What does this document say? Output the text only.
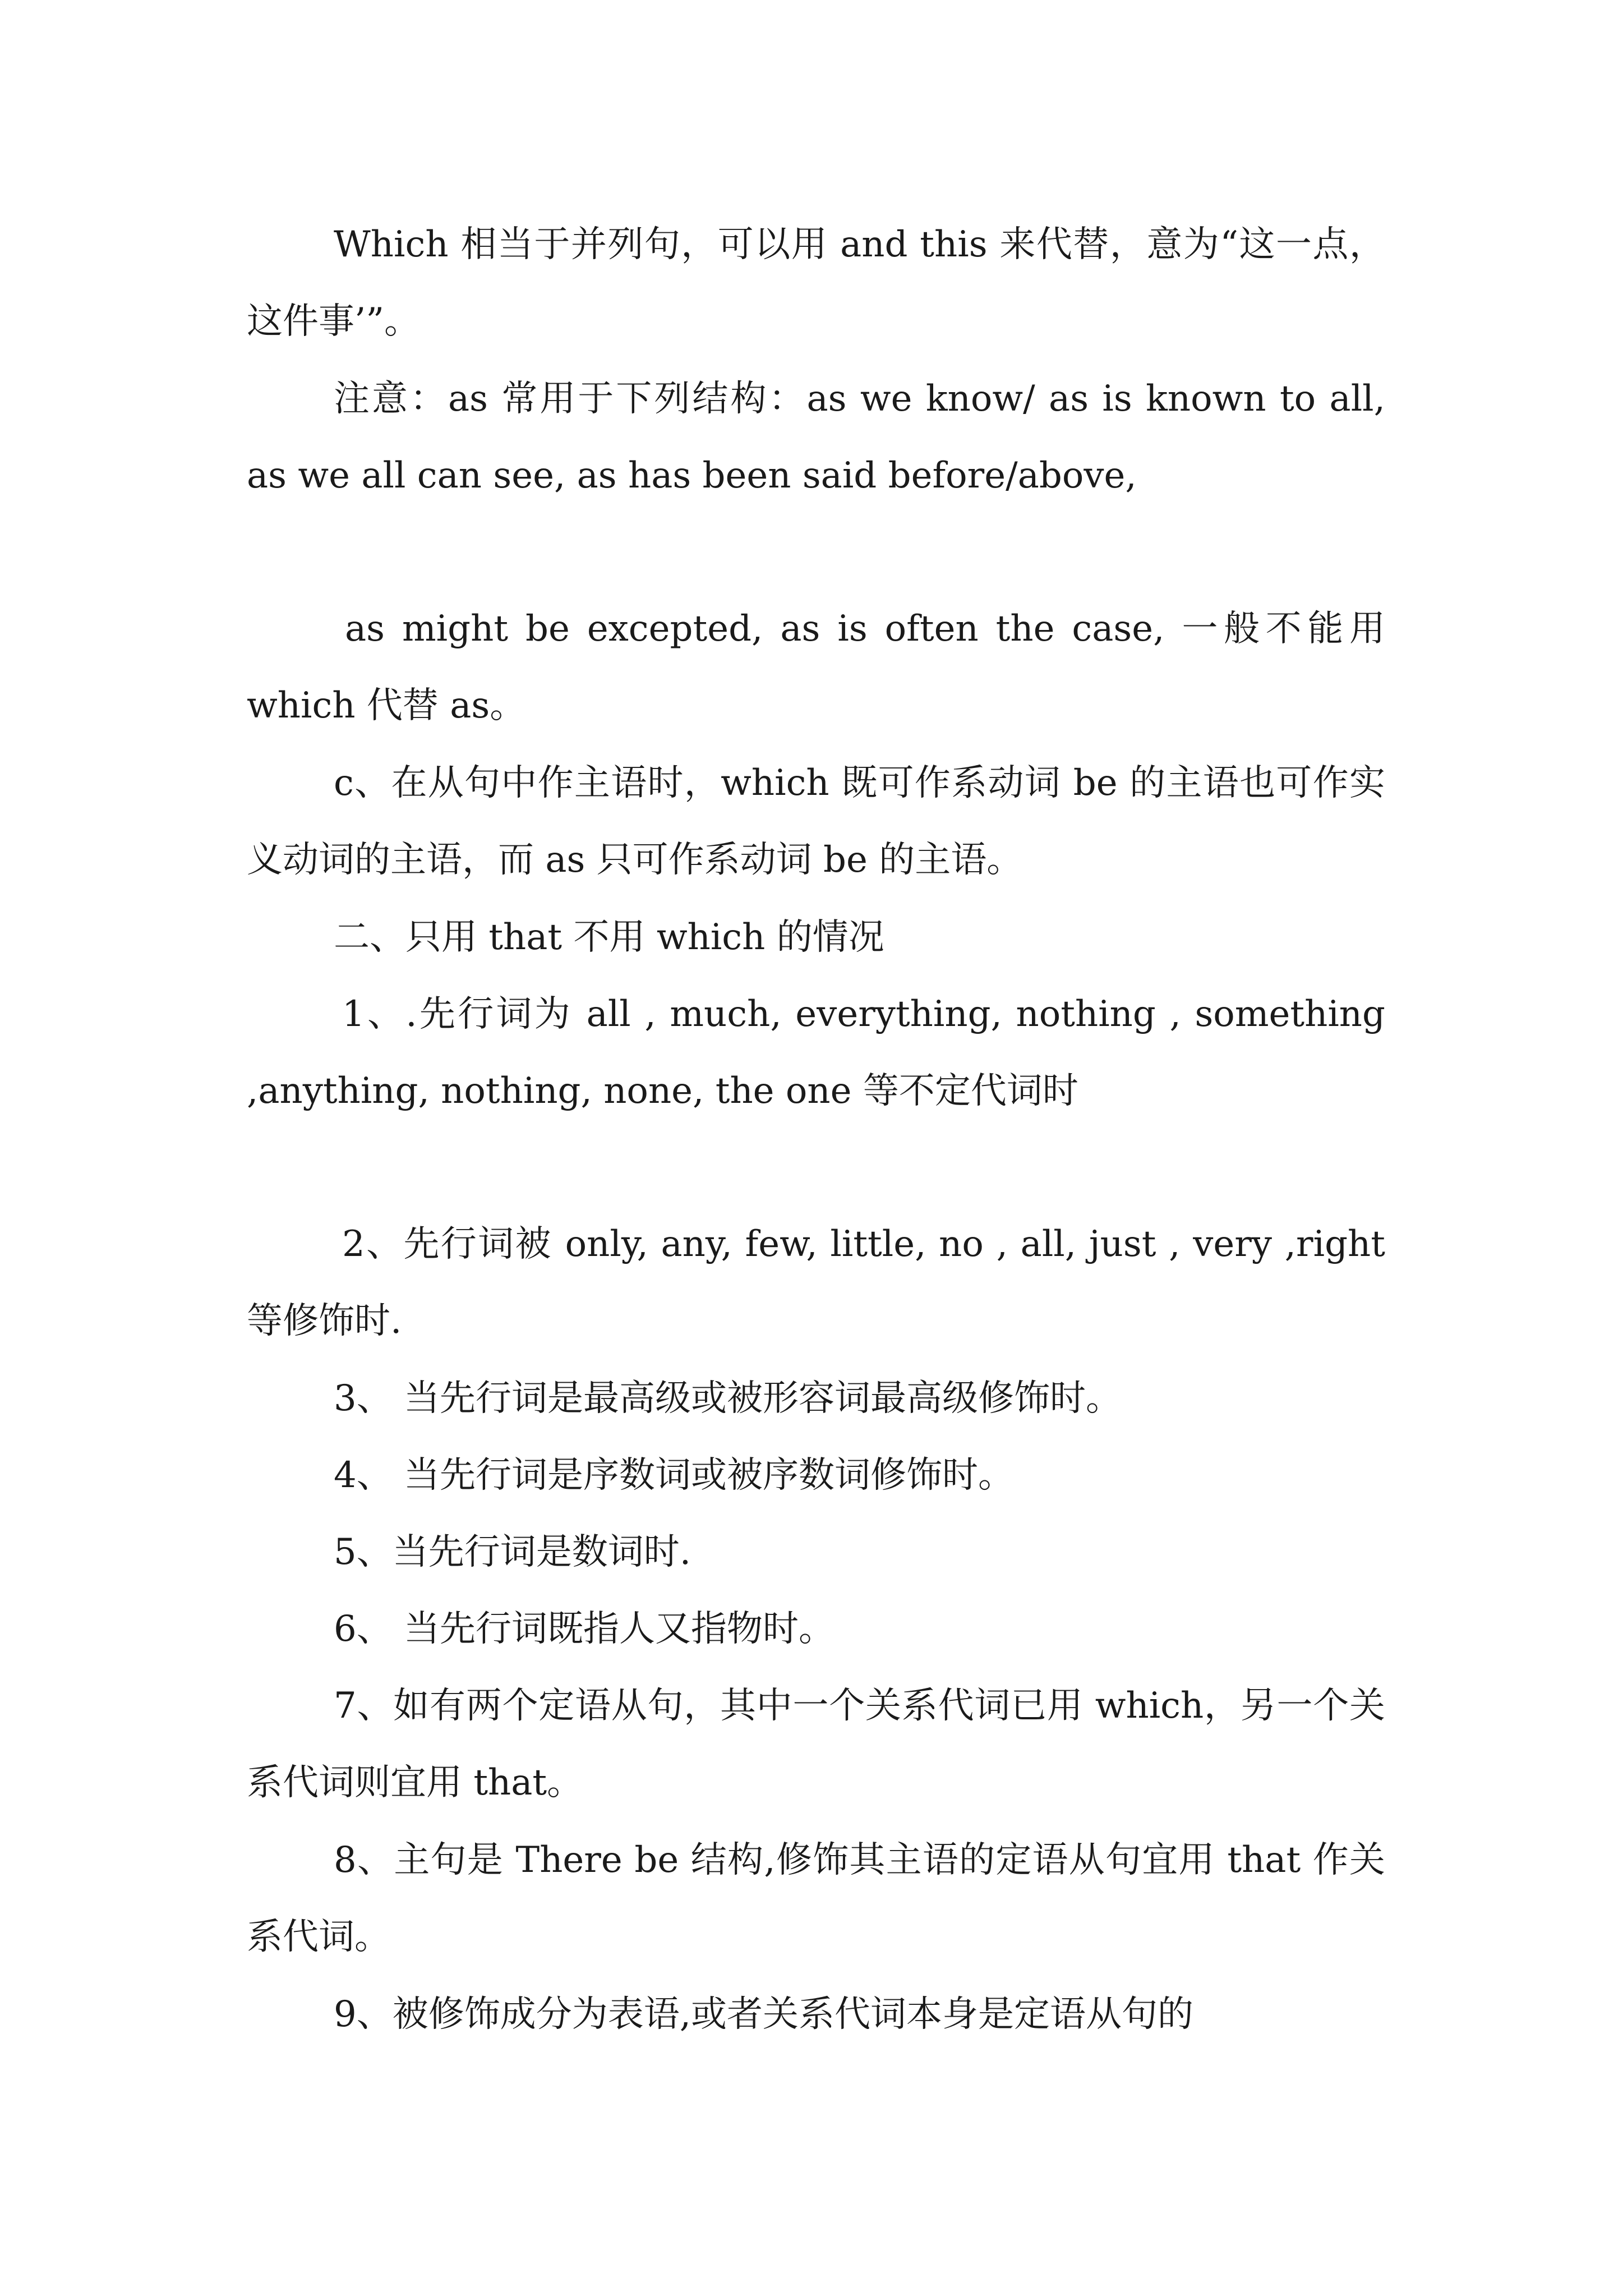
Which 相当于并列句，可以用 and this 来代替，意为“这一点，这件事’”。

注意：as 常用于下列结构：as we know/ as is known to all, as we all can see, as has been said before/above,

as might be excepted, as is often the case, 一般不能用 which 代替 as。

c、在从句中作主语时，which 既可作系动词 be 的主语也可作实义动词的主语，而 as 只可作系动词 be 的主语。

二、只用 that 不用 which 的情况

1、.先行词为 all , much, everything, nothing , something ,anything, nothing, none, the one 等不定代词时

2、先行词被 only, any, few, little, no , all, just , very ,right 等修饰时.

3、 当先行词是最高级或被形容词最高级修饰时。

4、 当先行词是序数词或被序数词修饰时。

5、当先行词是数词时.

6、 当先行词既指人又指物时。

7、如有两个定语从句，其中一个关系代词已用 which，另一个关系代词则宜用 that。

8、主句是 There be 结构,修饰其主语的定语从句宜用 that 作关系代词。

9、被修饰成分为表语,或者关系代词本身是定语从句的
